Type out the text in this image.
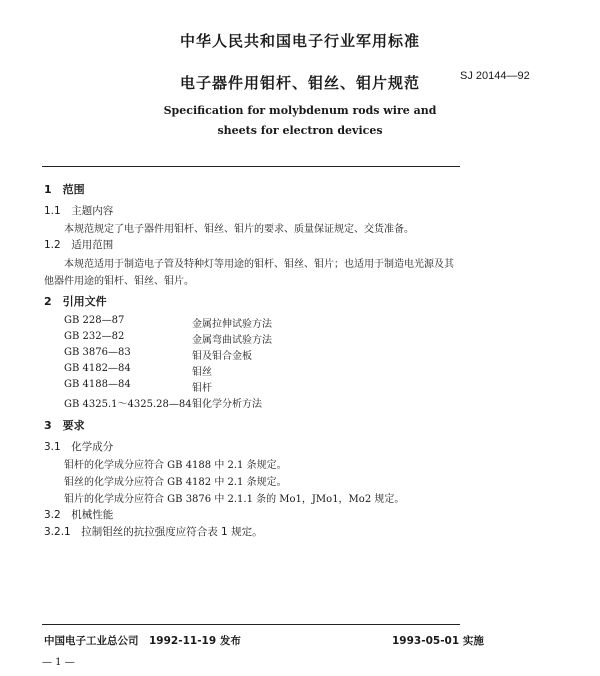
中华人民共和国电子行业军用标准
电子器件用钼杆、钼丝、钼片规范	SJ 20144—92
Specification for molybdenum rods wire and
sheets for electron devices
1　范围
1.1　主题内容
本规范规定了电子器件用钼杆、钼丝、钼片的要求、质量保证规定、交货准备。
1.2　适用范围
本规范适用于制造电子管及特种灯等用途的钼杆、钼丝、钼片；也适用于制造电光源及其
他器件用途的钼杆、钼丝、钼片。
2　引用文件
GB 228—87	金属拉伸试验方法
GB 232—82	金属弯曲试验方法
GB 3876—83	钼及钼合金板
GB 4182—84	钼丝
GB 4188—84	钼杆
GB 4325.1～4325.28—84 钼化学分析方法
3　要求
3.1　化学成分
钼杆的化学成分应符合 GB 4188 中 2.1 条规定。
钼丝的化学成分应符合 GB 4182 中 2.1 条规定。
钼片的化学成分应符合 GB 3876 中 2.1.1 条的 Mo1，JMo1，Mo2 规定。
3.2　机械性能
3.2.1　拉制钼丝的抗拉强度应符合表 1 规定。
中国电子工业总公司　1992-11-19 发布	1993-05-01 实施
— 1 —
